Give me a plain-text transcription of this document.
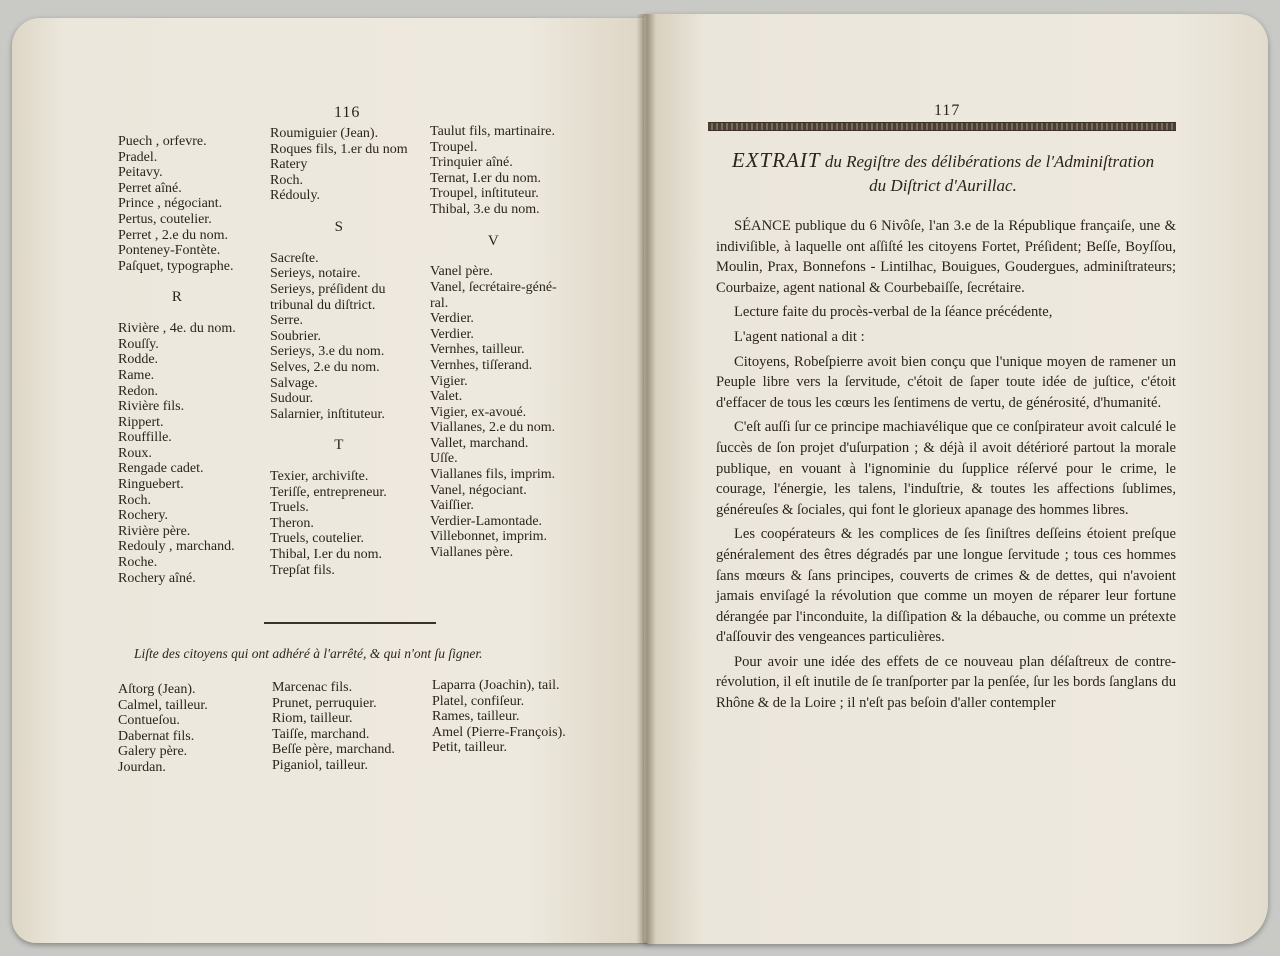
116
Puech , orfevre.
Pradel.
Peitavy.
Perret aîné.
Prince , négociant.
Pertus, coutelier.
Perret , 2.e du nom.
Ponteney-Fontète.
Paſquet, typographe.
R
Rivière , 4e. du nom.
Rouſſy.
Rodde.
Rame.
Redon.
Rivière fils.
Rippert.
Rouffille.
Roux.
Rengade cadet.
Ringuebert.
Roch.
Rochery.
Rivière père.
Redouly , marchand.
Roche.
Rochery aîné.
Roumiguier (Jean).
Roques fils, 1.er du nom
Ratery
Roch.
Rédouly.
S
Sacreſte.
Serieys, notaire.
Serieys, préſident du
tribunal du diſtrict.
Serre.
Soubrier.
Serieys, 3.e du nom.
Selves, 2.e du nom.
Salvage.
Sudour.
Salarnier, inſtituteur.
T
Texier, archiviſte.
Teriſſe, entrepreneur.
Truels.
Theron.
Truels, coutelier.
Thibal, I.er du nom.
Trepſat fils.
Taulut fils, martinaire.
Troupel.
Trinquier aîné.
Ternat, I.er du nom.
Troupel, inſtituteur.
Thibal, 3.e du nom.
V
Vanel père.
Vanel, ſecrétaire-géné-
ral.
Verdier.
Verdier.
Vernhes, tailleur.
Vernhes, tiſſerand.
Vigier.
Valet.
Vigier, ex-avoué.
Viallanes, 2.e du nom.
Vallet, marchand.
Uſſe.
Viallanes fils, imprim.
Vanel, négociant.
Vaiſſier.
Verdier-Lamontade.
Villebonnet, imprim.
Viallanes père.
Liſte des citoyens qui ont adhéré à l'arrêté, & qui n'ont ſu ſigner.
Aſtorg (Jean).
Calmel, tailleur.
Contueſou.
Dabernat fils.
Galery père.
Jourdan.
Marcenac fils.
Prunet, perruquier.
Riom, tailleur.
Taiſſe, marchand.
Beſſe père, marchand.
Piganiol, tailleur.
Laparra (Joachin), tail.
Platel, confiſeur.
Rames, tailleur.
Amel (Pierre-François).
Petit, tailleur.
117
EXTRAIT du Regiſtre des délibérations de l'Adminiſtration
du Diſtrict d'Aurillac.

SÉANCE publique du 6 Nivôſe, l'an 3.e de la République françaiſe, une & indiviſible, à laquelle ont aſſiſté les citoyens Fortet, Préſident; Beſſe, Boyſſou, Moulin, Prax, Bonnefons - Lintilhac, Bouigues, Goudergues, adminiſtrateurs; Courbaize, agent national & Courbebaiſſe, ſecrétaire.

Lecture faite du procès-verbal de la ſéance précédente,

L'agent national a dit :

Citoyens, Robeſpierre avoit bien conçu que l'unique moyen de ramener un Peuple libre vers la ſervitude, c'étoit de ſaper toute idée de juſtice, c'étoit d'effacer de tous les cœurs les ſentimens de vertu, de générosité, d'humanité.

C'eſt auſſi ſur ce principe machiavélique que ce conſpirateur avoit calculé le ſuccès de ſon projet d'uſurpation ; & déjà il avoit détérioré partout la morale publique, en vouant à l'ignominie du ſupplice réſervé pour le crime, le courage, l'énergie, les talens, l'induſtrie, & toutes les affections ſublimes, généreuſes & ſociales, qui font le glorieux apanage des hommes libres.

Les coopérateurs & les complices de ſes ſiniſtres deſſeins étoient preſque généralement des êtres dégradés par une longue ſervitude ; tous ces hommes ſans mœurs & ſans principes, couverts de crimes & de dettes, qui n'avoient jamais enviſagé la révolution que comme un moyen de réparer leur fortune dérangée par l'inconduite, la diſſipation & la débauche, ou comme un prétexte d'aſſouvir des vengeances particulières.

Pour avoir une idée des effets de ce nouveau plan déſaſtreux de contre-révolution, il eſt inutile de ſe tranſporter par la penſée, ſur les bords ſanglans du Rhône & de la Loire ; il n'eſt pas beſoin d'aller contempler
